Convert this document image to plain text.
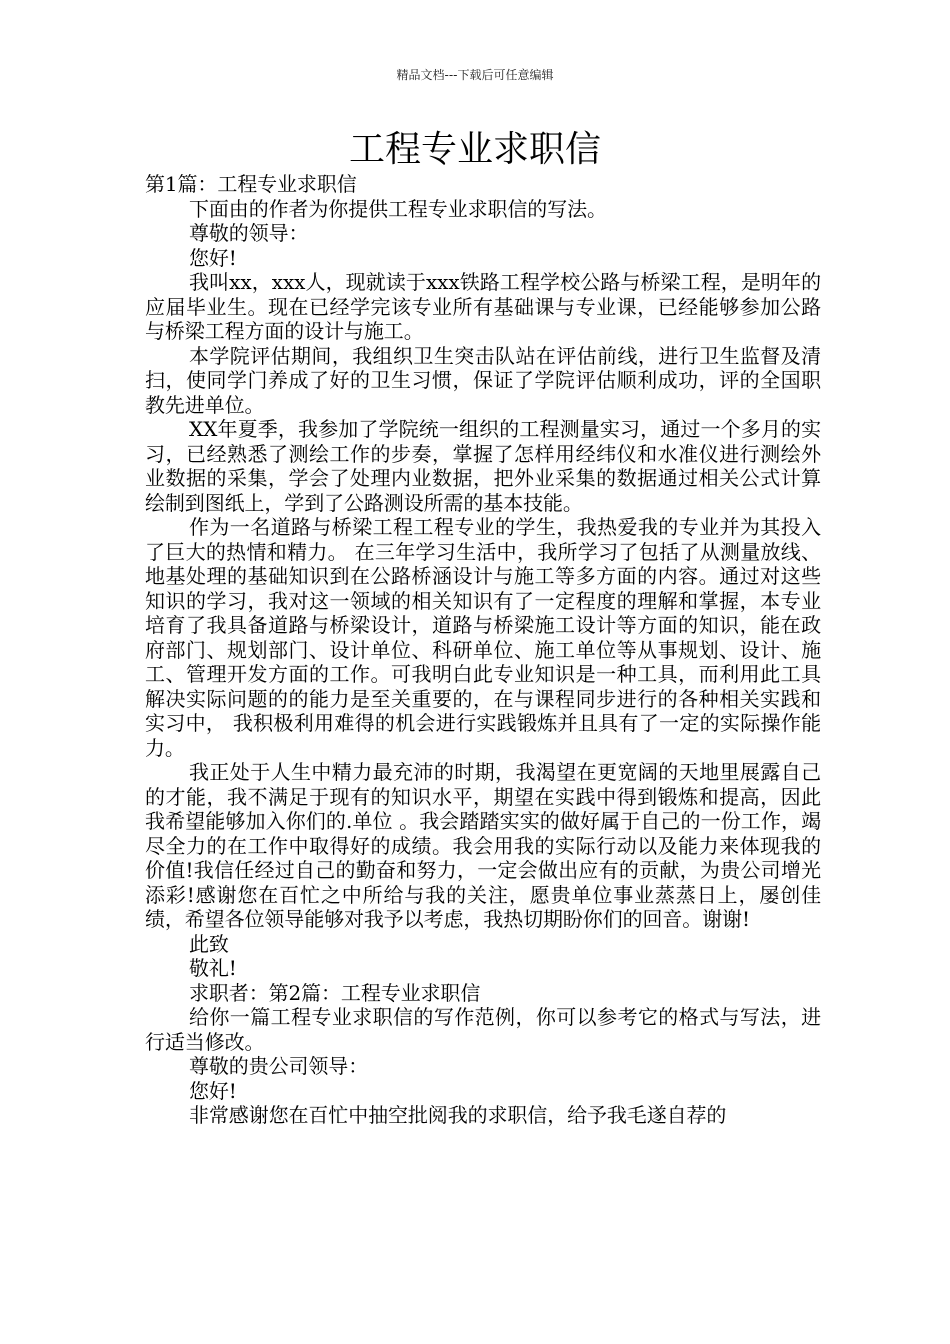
精品文档---下载后可任意编辑
工程专业求职信

第1篇：工程专业求职信

下面由的作者为你提供工程专业求职信的写法。

尊敬的领导：

您好!

我叫xx，xxx人，现就读于xxx铁路工程学校公路与桥梁工程，是明年的应届毕业生。现在已经学完该专业所有基础课与专业课，已经能够参加公路与桥梁工程方面的设计与施工。

本学院评估期间，我组织卫生突击队站在评估前线，进行卫生监督及清扫，使同学门养成了好的卫生习惯，保证了学院评估顺利成功，评的全国职教先进单位。

XX年夏季，我参加了学院统一组织的工程测量实习，通过一个多月的实习，已经熟悉了测绘工作的步奏，掌握了怎样用经纬仪和水准仪进行测绘外业数据的采集，学会了处理内业数据，把外业采集的数据通过相关公式计算绘制到图纸上，学到了公路测设所需的基本技能。

作为一名道路与桥梁工程工程专业的学生，我热爱我的专业并为其投入了巨大的热情和精力。 在三年学习生活中，我所学习了包括了从测量放线、地基处理的基础知识到在公路桥涵设计与施工等多方面的内容。通过对这些知识的学习，我对这一领域的相关知识有了一定程度的理解和掌握，本专业培育了我具备道路与桥梁设计，道路与桥梁施工设计等方面的知识，能在政府部门、规划部门、设计单位、科研单位、施工单位等从事规划、设计、施工、管理开发方面的工作。可我明白此专业知识是一种工具，而利用此工具解决实际问题的的能力是至关重要的，在与课程同步进行的各种相关实践和实习中， 我积极利用难得的机会进行实践锻炼并且具有了一定的实际操作能力。

我正处于人生中精力最充沛的时期，我渴望在更宽阔的天地里展露自己的才能，我不满足于现有的知识水平，期望在实践中得到锻炼和提高，因此我希望能够加入你们的.单位 。我会踏踏实实的做好属于自己的一份工作，竭尽全力的在工作中取得好的成绩。我会用我的实际行动以及能力来体现我的价值!我信任经过自己的勤奋和努力，一定会做出应有的贡献，为贵公司增光添彩!感谢您在百忙之中所给与我的关注，愿贵单位事业蒸蒸日上，屡创佳绩，希望各位领导能够对我予以考虑，我热切期盼你们的回音。谢谢!

此致

敬礼!

求职者：第2篇：工程专业求职信

给你一篇工程专业求职信的写作范例，你可以参考它的格式与写法，进行适当修改。

尊敬的贵公司领导：

您好!

非常感谢您在百忙中抽空批阅我的求职信，给予我毛遂自荐的
